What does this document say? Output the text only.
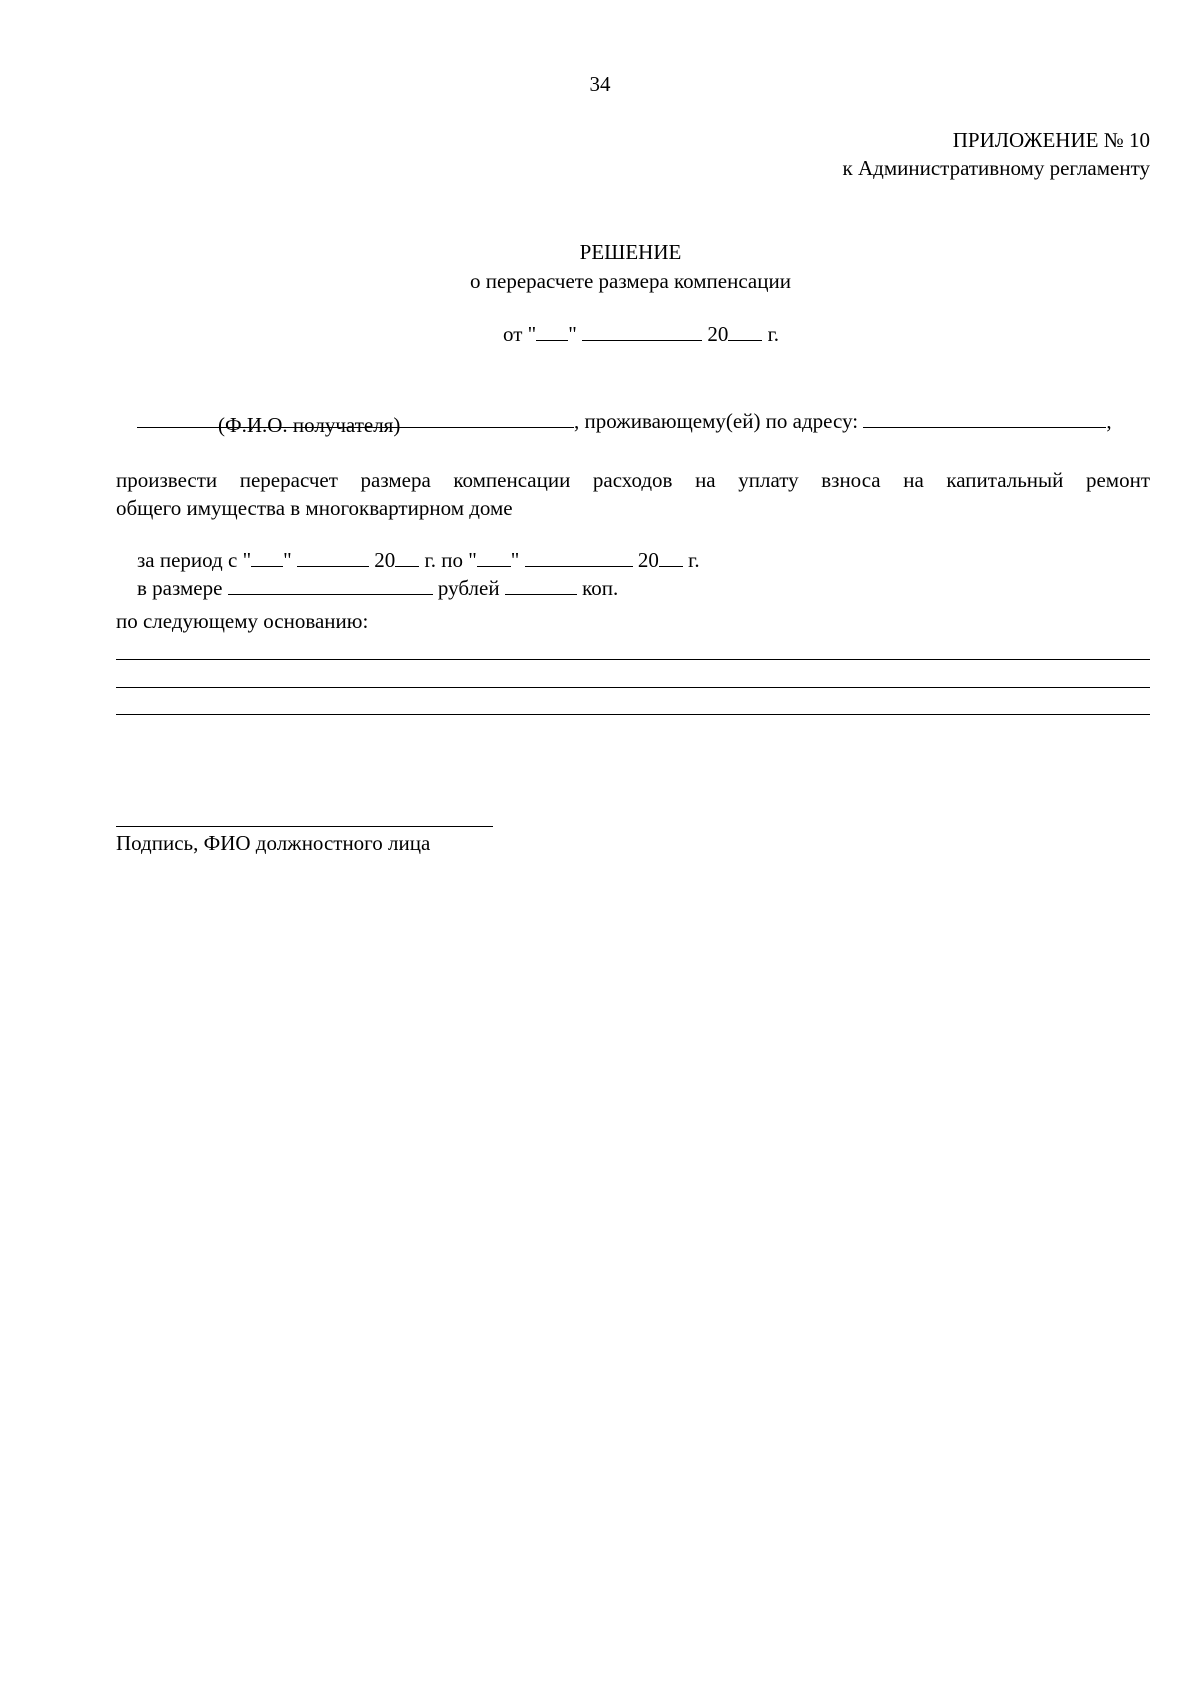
34
ПРИЛОЖЕНИЕ № 10
к Административному регламенту
РЕШЕНИЕ
о перерасчете размера компенсации

от " "	20 г.

, проживающему(ей) по адресу:	,

(Ф.И.О. получателя)
произвести перерасчет размера компенсации расходов на уплату взноса на капитальный ремонт
общего имущества в многоквартирном доме

за период с " "	20 г. по " "	20 г.

в размере	рублей	коп.

по следующему основанию:
Подпись, ФИО должностного лица
